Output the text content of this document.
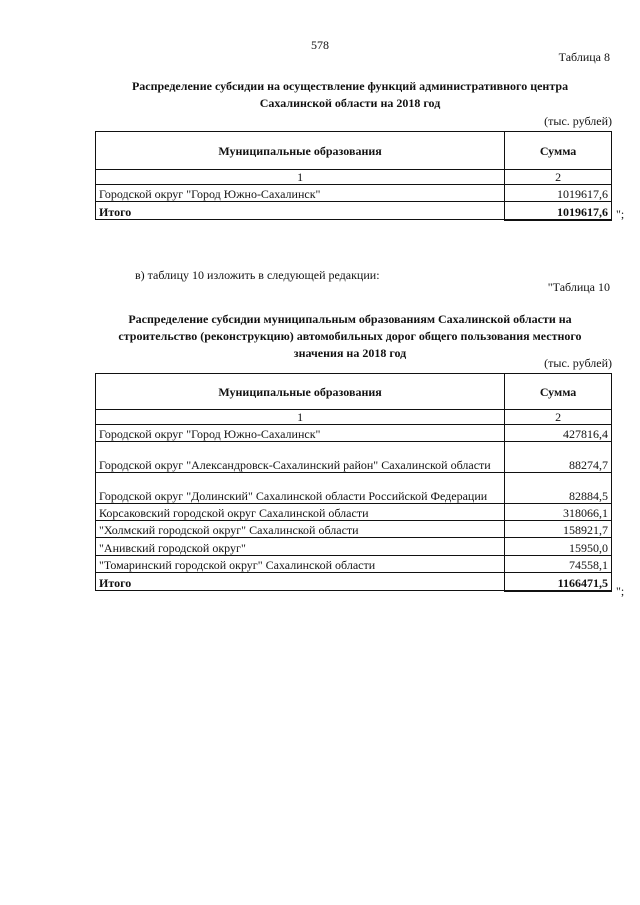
578
Таблица 8
Распределение субсидии на осуществление функций административного центра
Сахалинской области на 2018 год
(тыс. рублей)
Муниципальные образования	Сумма
1	2
Городской округ "Город Южно-Сахалинск"	1019617,6
Итого	1019617,6 ";
в) таблицу 10 изложить в следующей редакции:
"Таблица 10
Распределение субсидии муниципальным образованиям Сахалинской области на
строительство (реконструкцию) автомобильных дорог общего пользования местного
значения на 2018 год
(тыс. рублей)
Муниципальные образования	Сумма
1	2
Городской округ "Город Южно-Сахалинск"	427816,4
Городской округ "Александровск-Сахалинский район" Сахалинской области	88274,7
Городской округ "Долинский" Сахалинской области Российской Федерации	82884,5
Корсаковский городской округ Сахалинской области	318066,1
"Холмский городской округ" Сахалинской области	158921,7
"Анивский городской округ"	15950,0
"Томаринский городской округ" Сахалинской области	74558,1
Итого	1166471,5
";
